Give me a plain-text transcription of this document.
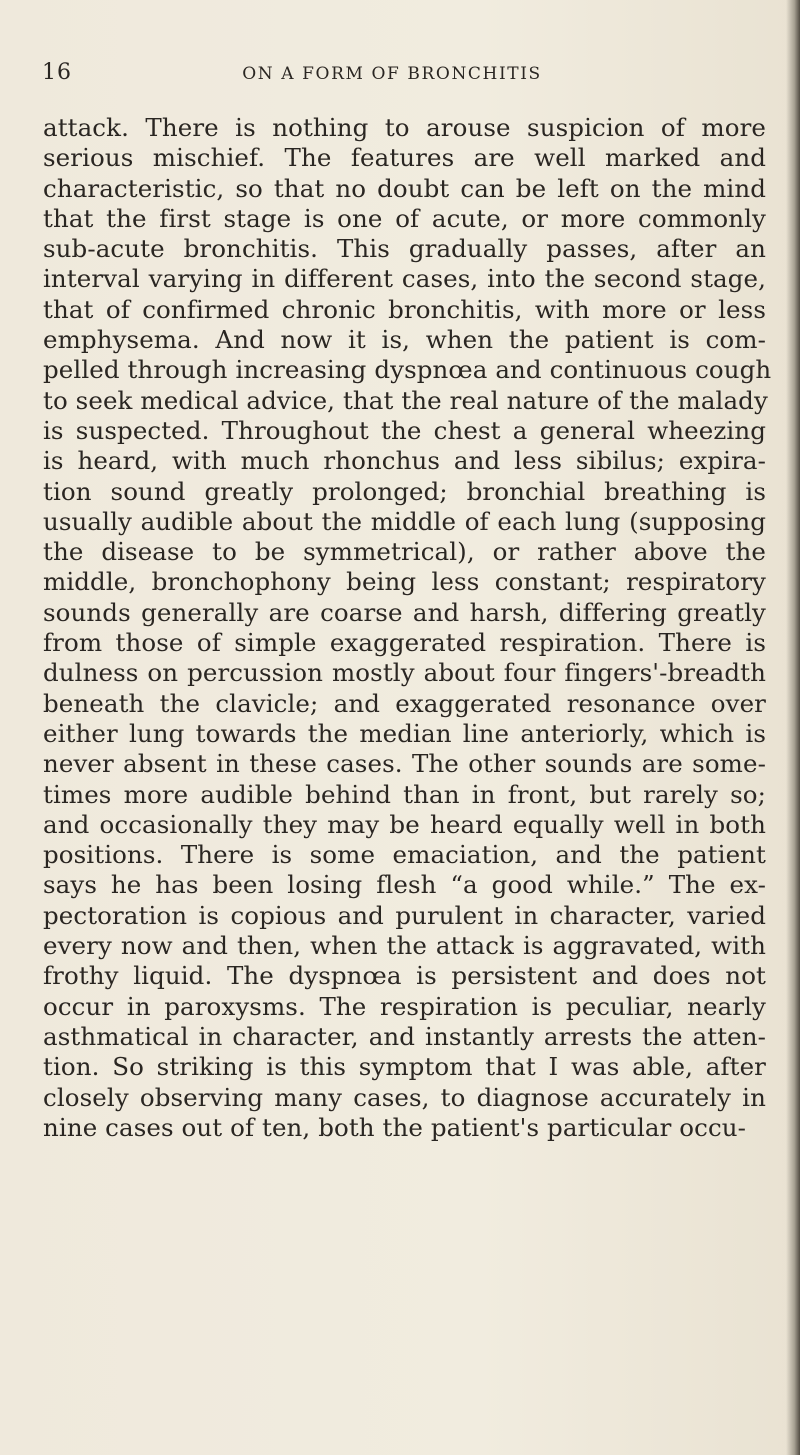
16	ON A FORM OF BRONCHITIS
attack. There is nothing to arouse suspicion of more
serious mischief. The features are well marked and
characteristic, so that no doubt can be left on the mind
that the first stage is one of acute, or more commonly
sub-acute bronchitis. This gradually passes, after an
interval varying in different cases, into the second stage,
that of confirmed chronic bronchitis, with more or less
emphysema. And now it is, when the patient is com-
pelled through increasing dyspnœa and continuous cough
to seek medical advice, that the real nature of the malady
is suspected. Throughout the chest a general wheezing
is heard, with much rhonchus and less sibilus; expira-
tion sound greatly prolonged; bronchial breathing is
usually audible about the middle of each lung (supposing
the disease to be symmetrical), or rather above the
middle, bronchophony being less constant; respiratory
sounds generally are coarse and harsh, differing greatly
from those of simple exaggerated respiration. There is
dulness on percussion mostly about four fingers'-breadth
beneath the clavicle; and exaggerated resonance over
either lung towards the median line anteriorly, which is
never absent in these cases. The other sounds are some-
times more audible behind than in front, but rarely so;
and occasionally they may be heard equally well in both
positions. There is some emaciation, and the patient
says he has been losing flesh “a good while.” The ex-
pectoration is copious and purulent in character, varied
every now and then, when the attack is aggravated, with
frothy liquid. The dyspnœa is persistent and does not
occur in paroxysms. The respiration is peculiar, nearly
asthmatical in character, and instantly arrests the atten-
tion. So striking is this symptom that I was able, after
closely observing many cases, to diagnose accurately in
nine cases out of ten, both the patient's particular occu-
